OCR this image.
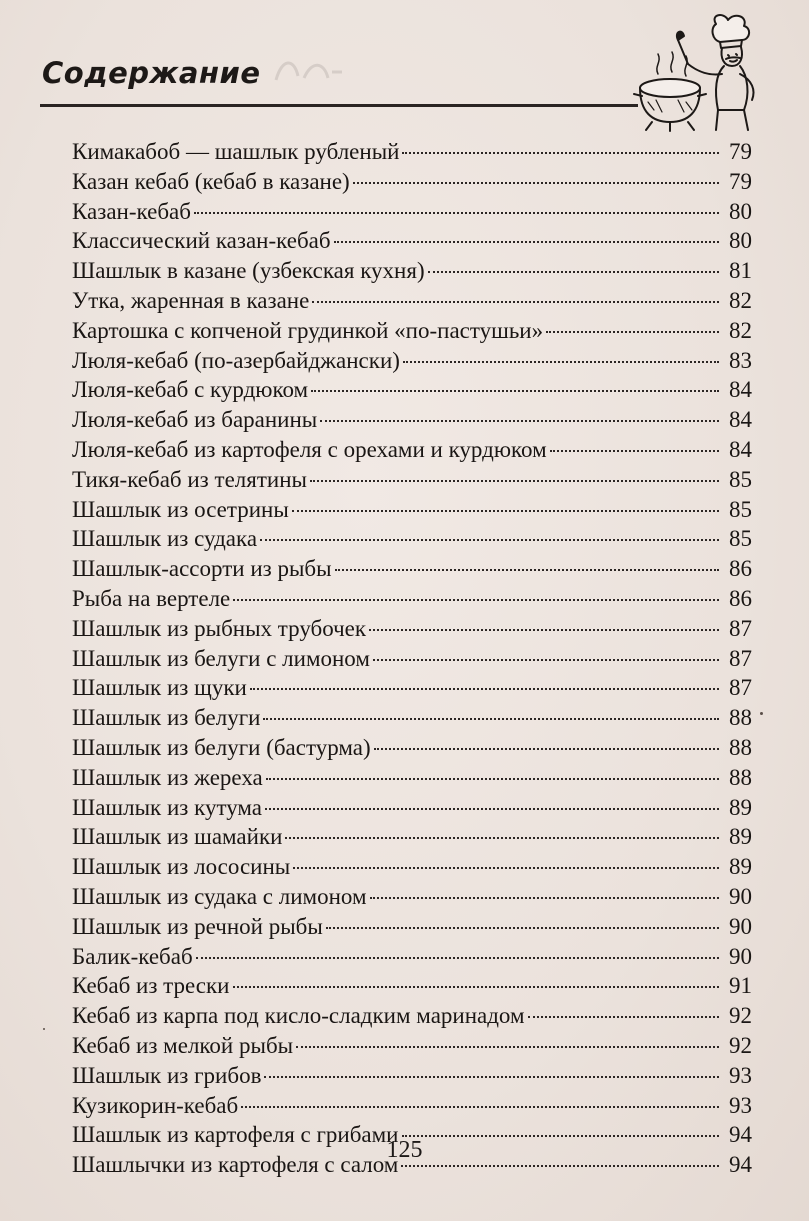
Содержание
Кимакабоб — шашлык рубленый	79
Казан кебаб (кебаб в казане)	79
Казан-кебаб	80
Классический казан-кебаб	80
Шашлык в казане (узбекская кухня)	81
Утка, жаренная в казане	82
Картошка с копченой грудинкой «по-пастушьи»	82
Люля-кебаб (по-азербайджански)	83
Люля-кебаб с курдюком	84
Люля-кебаб из баранины	84
Люля-кебаб из картофеля с орехами и курдюком	84
Тикя-кебаб из телятины	85
Шашлык из осетрины	85
Шашлык из судака	85
Шашлык-ассорти из рыбы	86
Рыба на вертеле	86
Шашлык из рыбных трубочек	87
Шашлык из белуги с лимоном	87
Шашлык из щуки	87
Шашлык из белуги	88
Шашлык из белуги (бастурма)	88
Шашлык из жереха	88
Шашлык из кутума	89
Шашлык из шамайки	89
Шашлык из лососины	89
Шашлык из судака с лимоном	90
Шашлык из речной рыбы	90
Балик-кебаб	90
Кебаб из трески	91
Кебаб из карпа под кисло-сладким маринадом	92
Кебаб из мелкой рыбы	92
Шашлык из грибов	93
Кузикорин-кебаб	93
Шашлык из картофеля с грибами	94
Шашлычки из картофеля с салом	94
125
